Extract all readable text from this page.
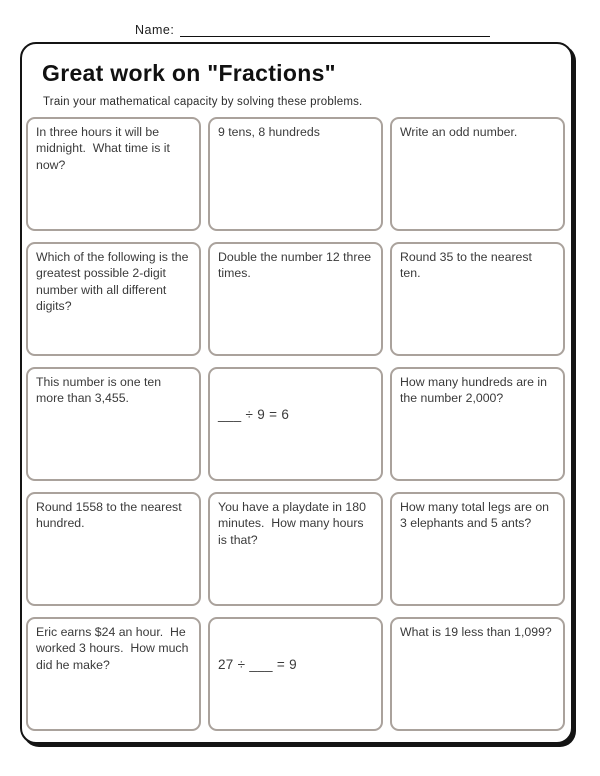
Name:
Great work on "Fractions"
Train your mathematical capacity by solving these problems.
In three hours it will be midnight.  What time is it now?
9 tens, 8 hundreds	Write an odd number.
Which of the following is the greatest possible 2-digit number with all different digits?
Double the number 12 three times.
Round 35 to the nearest ten.
This number is one ten more than 3,455.
___ ÷ 9 = 6
How many hundreds are in the number 2,000?
Round 1558 to the nearest hundred.
You have a playdate in 180 minutes.  How many hours is that?
How many total legs are on 3 elephants and 5 ants?
Eric earns $24 an hour.  He worked 3 hours.  How much did he make?	27 ÷ ___ = 9
What is 19 less than 1,099?
